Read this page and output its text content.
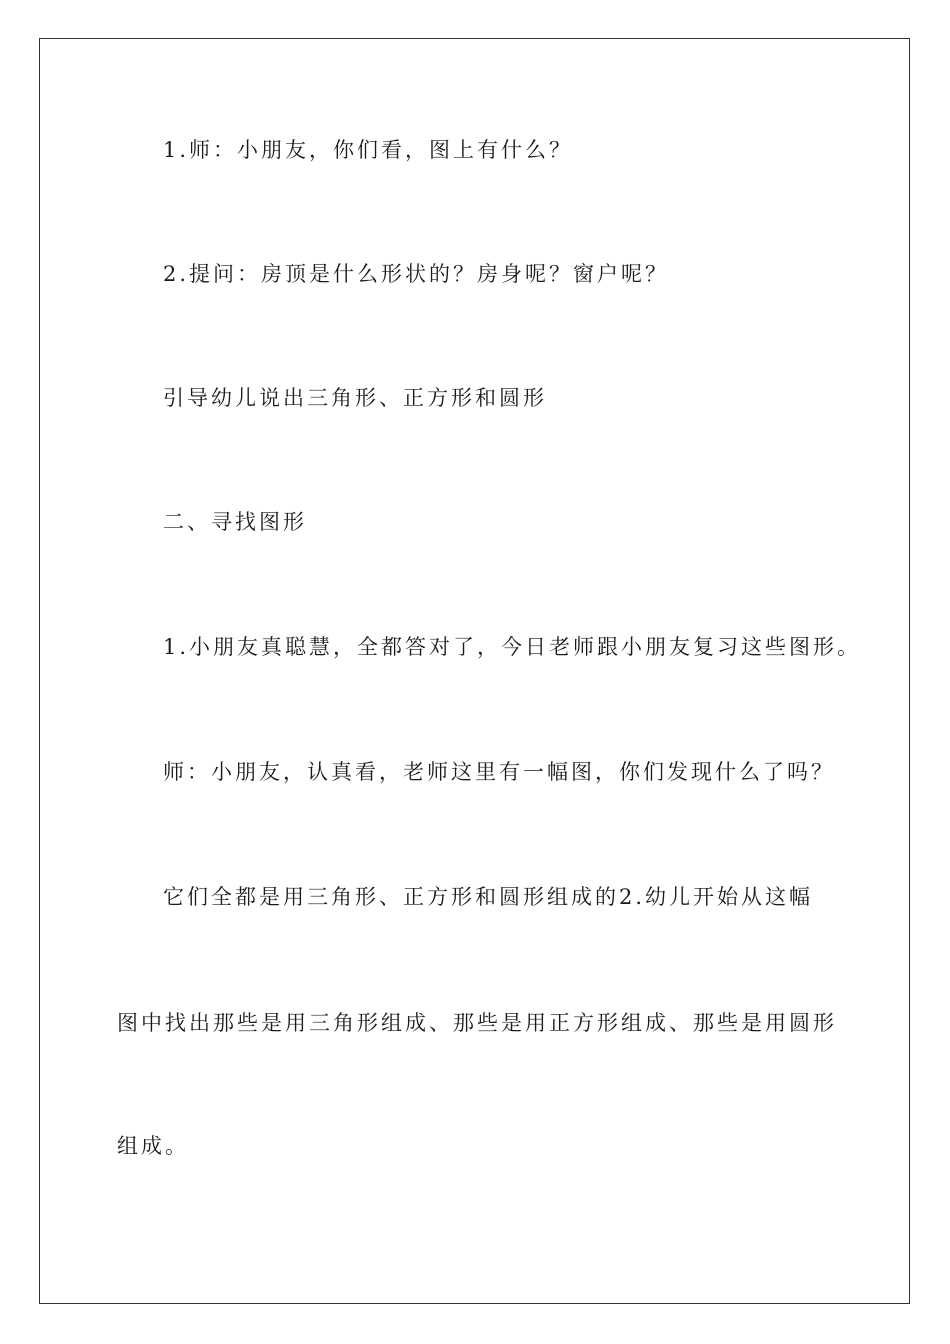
1.师：小朋友，你们看，图上有什么？

2.提问：房顶是什么形状的？房身呢？窗户呢？

引导幼儿说出三角形、正方形和圆形

二、寻找图形

1.小朋友真聪慧，全都答对了，今日老师跟小朋友复习这些图形。

师：小朋友，认真看，老师这里有一幅图，你们发现什么了吗？

它们全都是用三角形、正方形和圆形组成的2.幼儿开始从这幅

图中找出那些是用三角形组成、那些是用正方形组成、那些是用圆形

组成。
